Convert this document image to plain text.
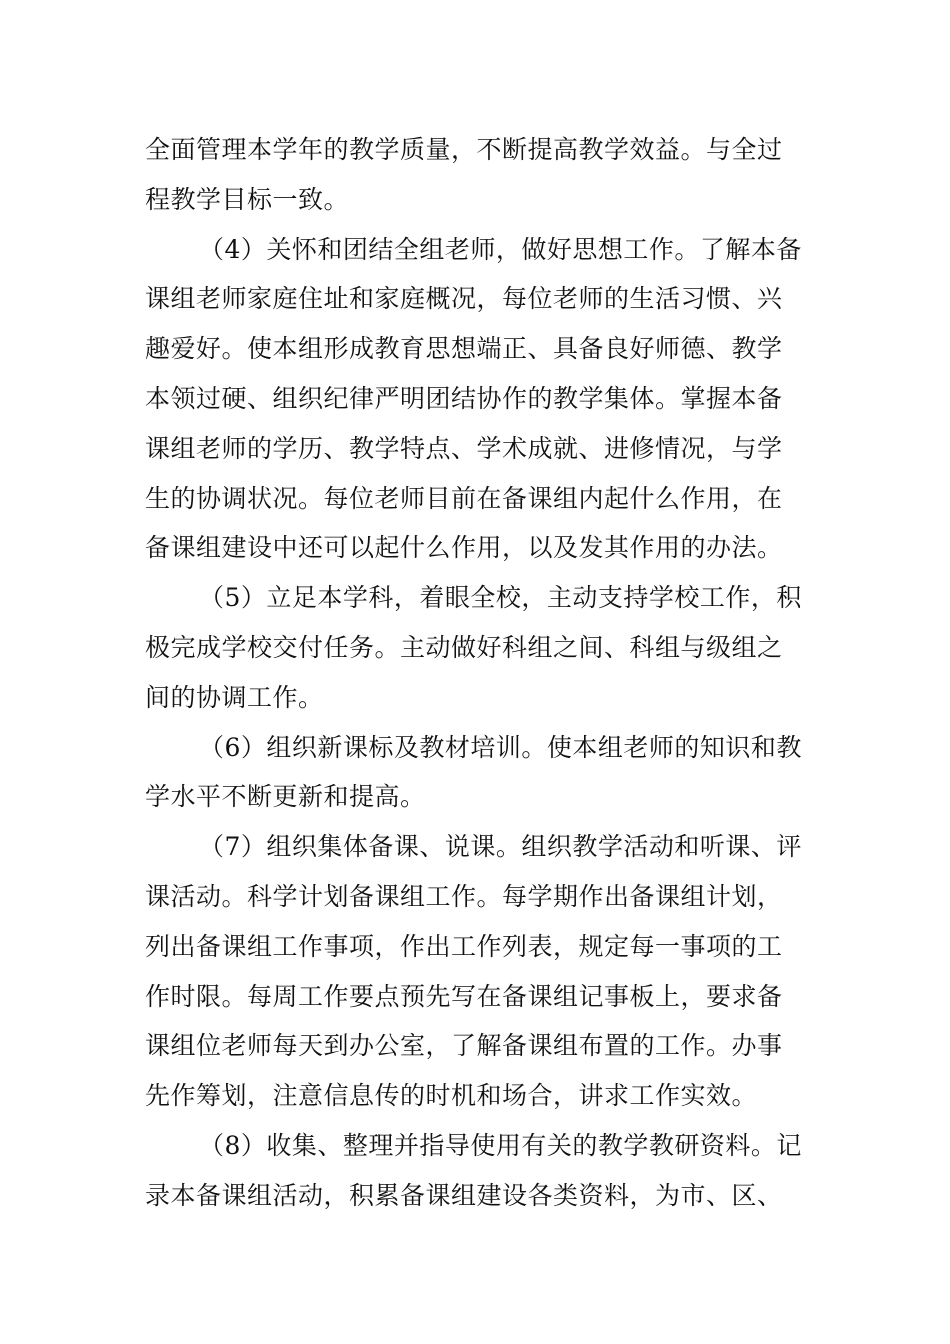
全面管理本学年的教学质量，不断提高教学效益。与全过
程教学目标一致。
（4）关怀和团结全组老师，做好思想工作。了解本备
课组老师家庭住址和家庭概况，每位老师的生活习惯、兴
趣爱好。使本组形成教育思想端正、具备良好师德、教学
本领过硬、组织纪律严明团结协作的教学集体。掌握本备
课组老师的学历、教学特点、学术成就、进修情况，与学
生的协调状况。每位老师目前在备课组内起什么作用，在
备课组建设中还可以起什么作用，以及发其作用的办法。
（5）立足本学科，着眼全校，主动支持学校工作，积
极完成学校交付任务。主动做好科组之间、科组与级组之
间的协调工作。
（6）组织新课标及教材培训。使本组老师的知识和教
学水平不断更新和提高。
（7）组织集体备课、说课。组织教学活动和听课、评
课活动。科学计划备课组工作。每学期作出备课组计划，
列出备课组工作事项，作出工作列表，规定每一事项的工
作时限。每周工作要点预先写在备课组记事板上，要求备
课组位老师每天到办公室，了解备课组布置的工作。办事
先作筹划，注意信息传的时机和场合，讲求工作实效。
（8）收集、整理并指导使用有关的教学教研资料。记
录本备课组活动，积累备课组建设各类资料，为市、区、
